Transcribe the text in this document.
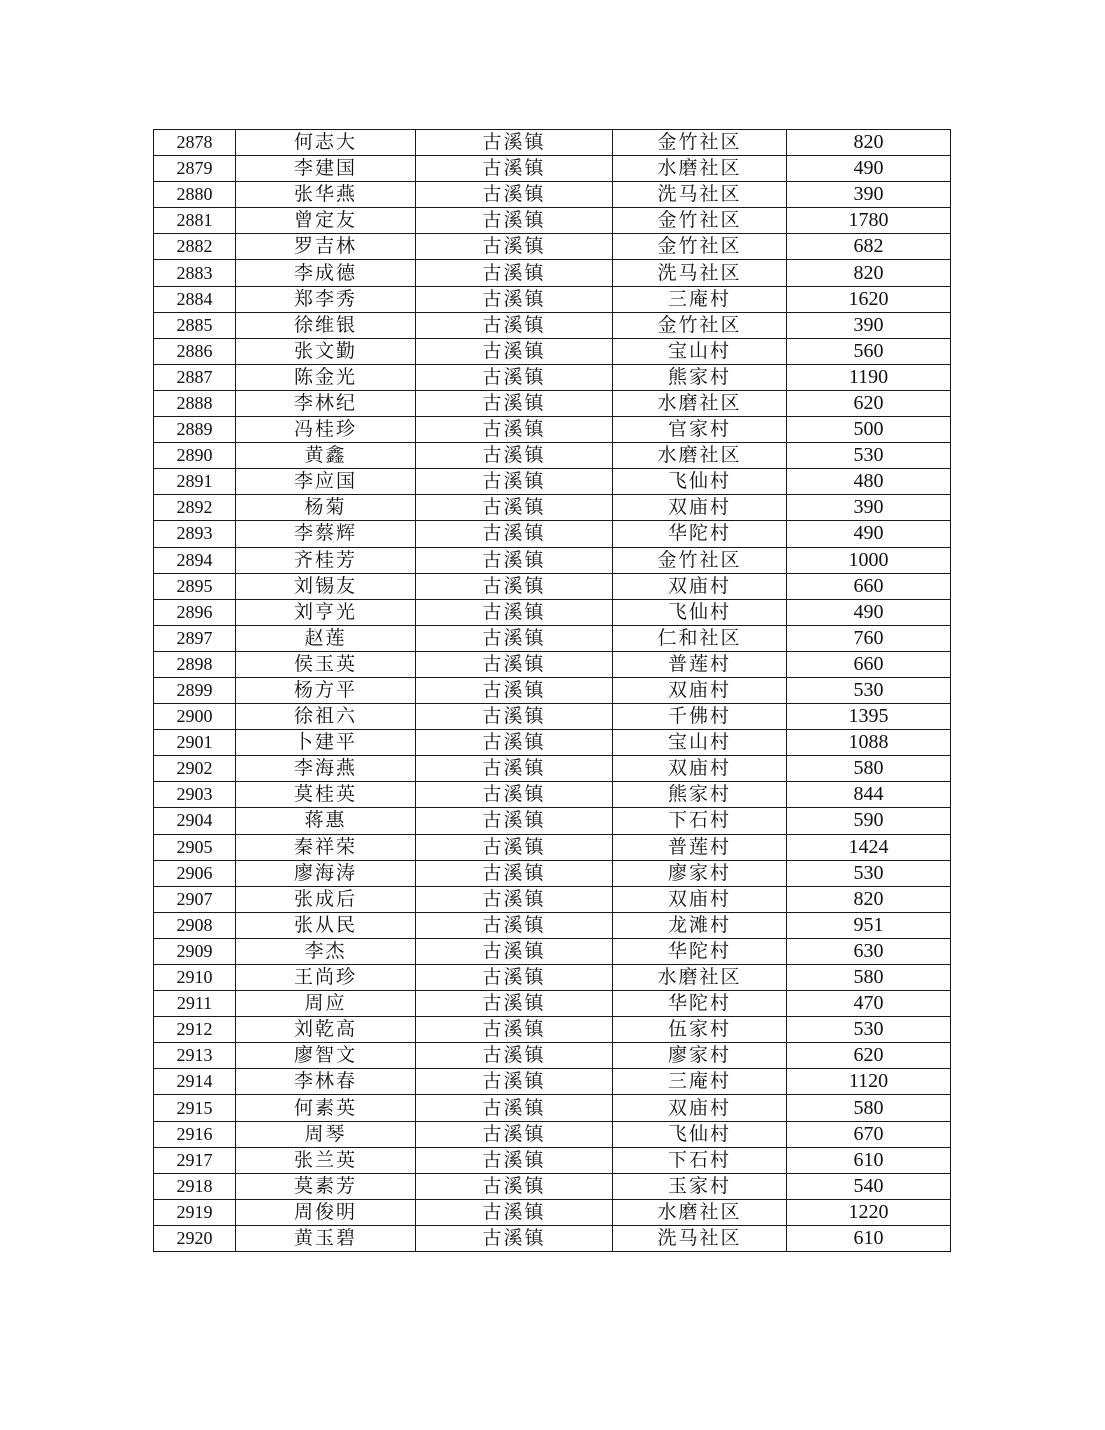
2878	何志大	古溪镇	金竹社区	820
2879	李建国	古溪镇	水磨社区	490
2880	张华燕	古溪镇	洗马社区	390
2881	曾定友	古溪镇	金竹社区	1780
2882	罗吉林	古溪镇	金竹社区	682
2883	李成德	古溪镇	洗马社区	820
2884	郑李秀	古溪镇	三庵村	1620
2885	徐维银	古溪镇	金竹社区	390
2886	张文勤	古溪镇	宝山村	560
2887	陈金光	古溪镇	熊家村	1190
2888	李林纪	古溪镇	水磨社区	620
2889	冯桂珍	古溪镇	官家村	500
2890	黄鑫	古溪镇	水磨社区	530
2891	李应国	古溪镇	飞仙村	480
2892	杨菊	古溪镇	双庙村	390
2893	李蔡辉	古溪镇	华陀村	490
2894	齐桂芳	古溪镇	金竹社区	1000
2895	刘锡友	古溪镇	双庙村	660
2896	刘亨光	古溪镇	飞仙村	490
2897	赵莲	古溪镇	仁和社区	760
2898	侯玉英	古溪镇	普莲村	660
2899	杨方平	古溪镇	双庙村	530
2900	徐祖六	古溪镇	千佛村	1395
2901	卜建平	古溪镇	宝山村	1088
2902	李海燕	古溪镇	双庙村	580
2903	莫桂英	古溪镇	熊家村	844
2904	蒋惠	古溪镇	下石村	590
2905	秦祥荣	古溪镇	普莲村	1424
2906	廖海涛	古溪镇	廖家村	530
2907	张成后	古溪镇	双庙村	820
2908	张从民	古溪镇	龙滩村	951
2909	李杰	古溪镇	华陀村	630
2910	王尚珍	古溪镇	水磨社区	580
2911	周应	古溪镇	华陀村	470
2912	刘乾高	古溪镇	伍家村	530
2913	廖智文	古溪镇	廖家村	620
2914	李林春	古溪镇	三庵村	1120
2915	何素英	古溪镇	双庙村	580
2916	周琴	古溪镇	飞仙村	670
2917	张兰英	古溪镇	下石村	610
2918	莫素芳	古溪镇	玉家村	540
2919	周俊明	古溪镇	水磨社区	1220
2920	黄玉碧	古溪镇	洗马社区	610
